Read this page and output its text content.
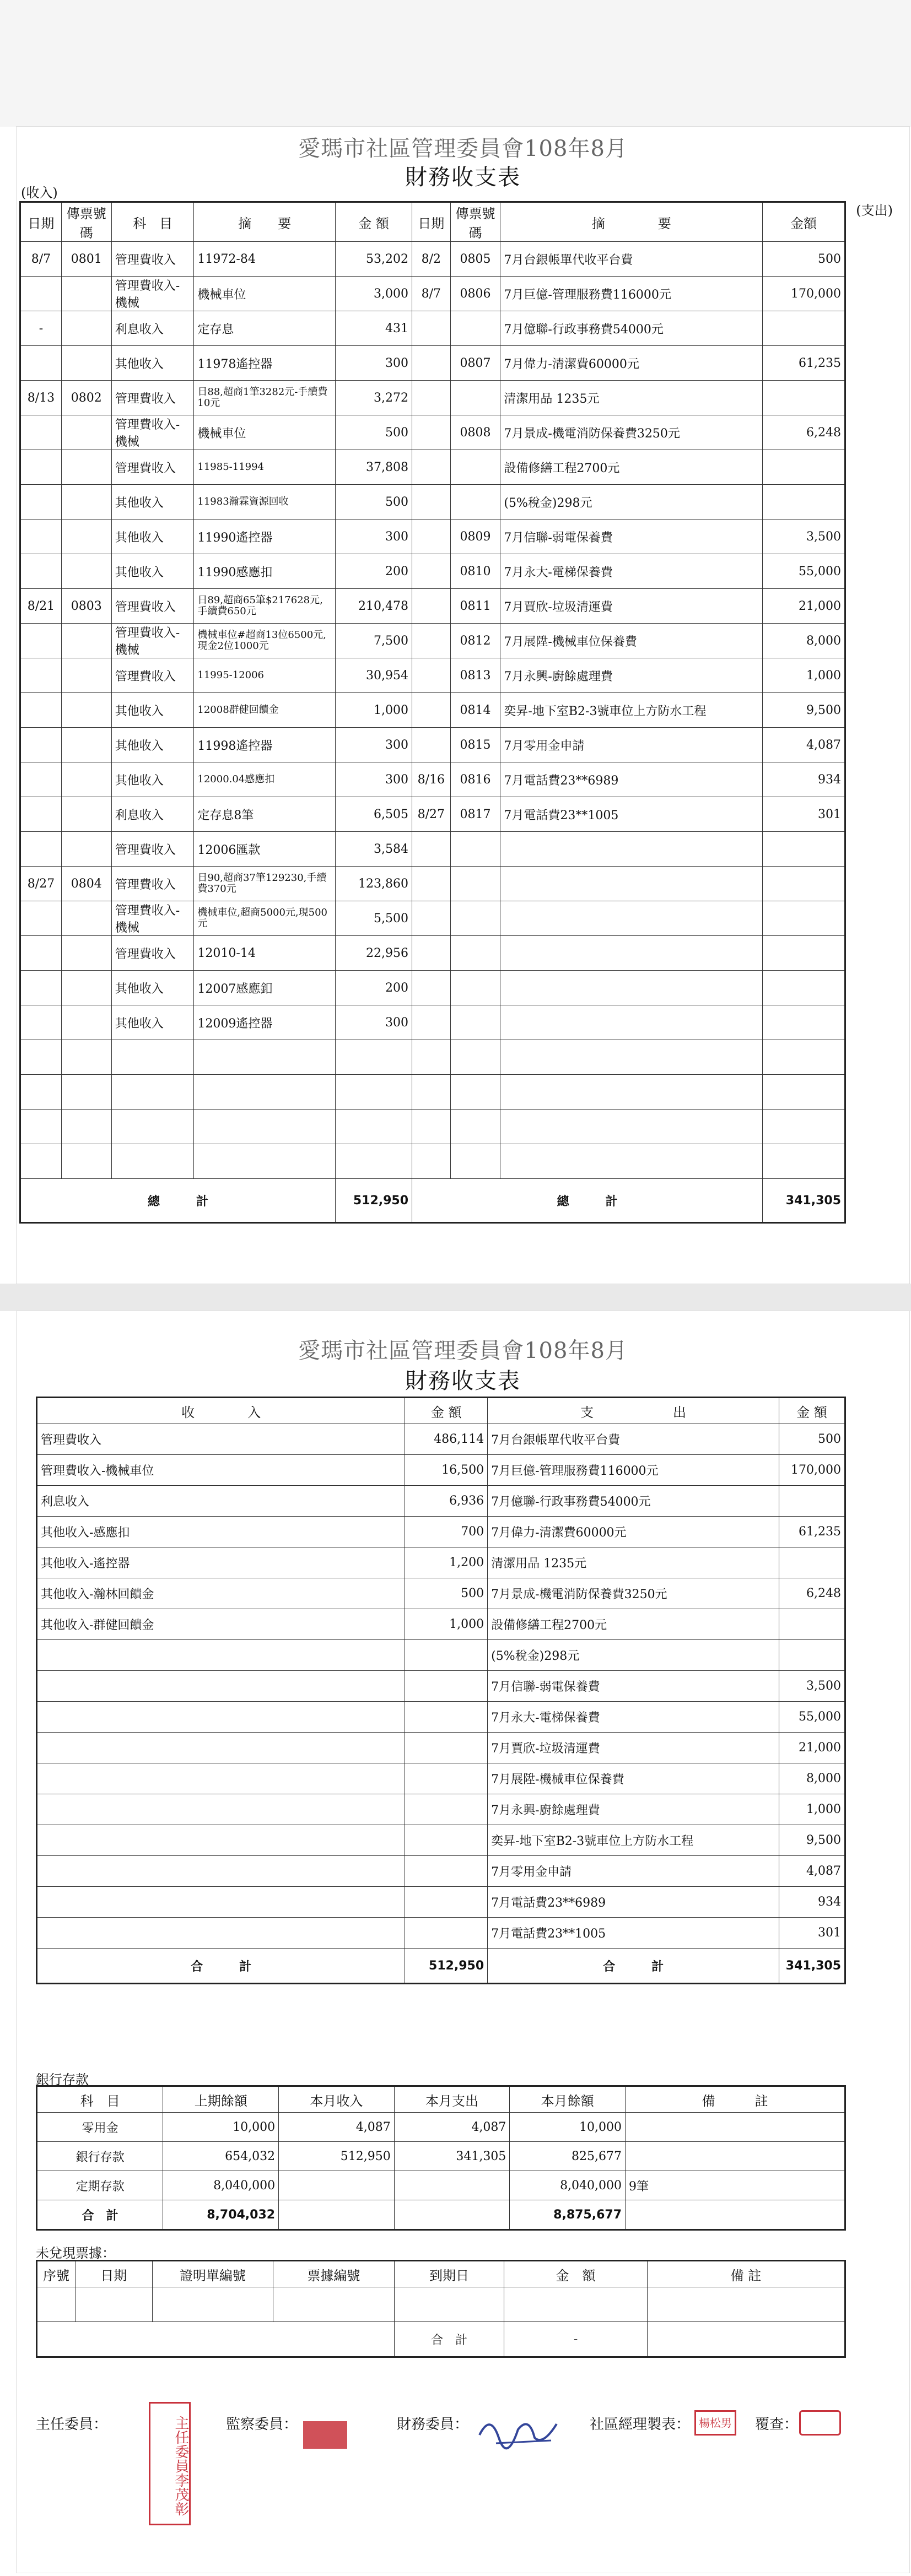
愛瑪市社區管理委員會108年8月
財務收支表
(收入)
(支出)
日期	傳票號碼	科　目	摘　　要	金 額	日期	傳票號碼	摘　　　　要	金額
8/7	0801	管理費收入	11972-84	53,202	8/2	0805	7月台銀帳單代收平台費	500
		管理費收入-機械	機械車位	3,000	8/7	0806	7月巨億-管理服務費116000元	170,000
-		利息收入	定存息	431			7月億聯-行政事務費54000元	
		其他收入	11978遙控器	300		0807	7月偉力-清潔費60000元	61,235
8/13	0802	管理費收入	日88,超商1筆3282元-手續費10元	3,272			清潔用品 1235元	
		管理費收入-機械	機械車位	500		0808	7月景成-機電消防保養費3250元	6,248
		管理費收入	11985-11994	37,808			設備修繕工程2700元	
		其他收入	11983瀚霖資源回收	500			(5%稅金)298元	
		其他收入	11990遙控器	300		0809	7月信聯-弱電保養費	3,500
		其他收入	11990感應扣	200		0810	7月永大-電梯保養費	55,000
8/21	0803	管理費收入	日89,超商65筆$217628元,手續費650元	210,478		0811	7月賈欣-垃圾清運費	21,000
		管理費收入-機械	機械車位#超商13位6500元,現金2位1000元	7,500		0812	7月展陞-機械車位保養費	8,000
		管理費收入	11995-12006	30,954		0813	7月永興-廚餘處理費	1,000
		其他收入	12008群健回饋金	1,000		0814	奕昇-地下室B2-3號車位上方防水工程	9,500
		其他收入	11998遙控器	300		0815	7月零用金申請	4,087
		其他收入	12000.04感應扣	300	8/16	0816	7月電話費23**6989	934
		利息收入	定存息8筆	6,505	8/27	0817	7月電話費23**1005	301
		管理費收入	12006匯款	3,584				
8/27	0804	管理費收入	日90,超商37筆129230,手續費370元	123,860				
		管理費收入-機械	機械車位,超商5000元,現500元	5,500				
		管理費收入	12010-14	22,956				
		其他收入	12007感應釦	200				
		其他收入	12009遙控器	300				

總　　　計				512,950	總　　　計			341,305
愛瑪市社區管理委員會108年8月
財務收支表
收　　　　入	金 額	支　　　　　　出	金 額
管理費收入	486,114	7月台銀帳單代收平台費	500
管理費收入-機械車位	16,500	7月巨億-管理服務費116000元	170,000
利息收入	6,936	7月億聯-行政事務費54000元	
其他收入-感應扣	700	7月偉力-清潔費60000元	61,235
其他收入-遙控器	1,200	清潔用品 1235元	
其他收入-瀚林回饋金	500	7月景成-機電消防保養費3250元	6,248
其他收入-群健回饋金	1,000	設備修繕工程2700元	
		(5%稅金)298元	
		7月信聯-弱電保養費	3,500
		7月永大-電梯保養費	55,000
		7月賈欣-垃圾清運費	21,000
		7月展陞-機械車位保養費	8,000
		7月永興-廚餘處理費	1,000
		奕昇-地下室B2-3號車位上方防水工程	9,500
		7月零用金申請	4,087
		7月電話費23**6989	934
		7月電話費23**1005	301
合　　　計	512,950	合　　　計	341,305
銀行存款
科　目	上期餘額	本月收入	本月支出	本月餘額	備　　　註
零用金	10,000	4,087	4,087	10,000	
銀行存款	654,032	512,950	341,305	825,677	
定期存款	8,040,000			8,040,000	9筆
合　計	8,704,032			8,875,677	
未兌現票據：
序號	日期	證明單編號	票據編號	到期日	金　額	備 註

				合　計	-	
主任委員：	主任委員李茂彰	監察委員：	財務委員：	社區經理製表： 楊松男	覆查：
